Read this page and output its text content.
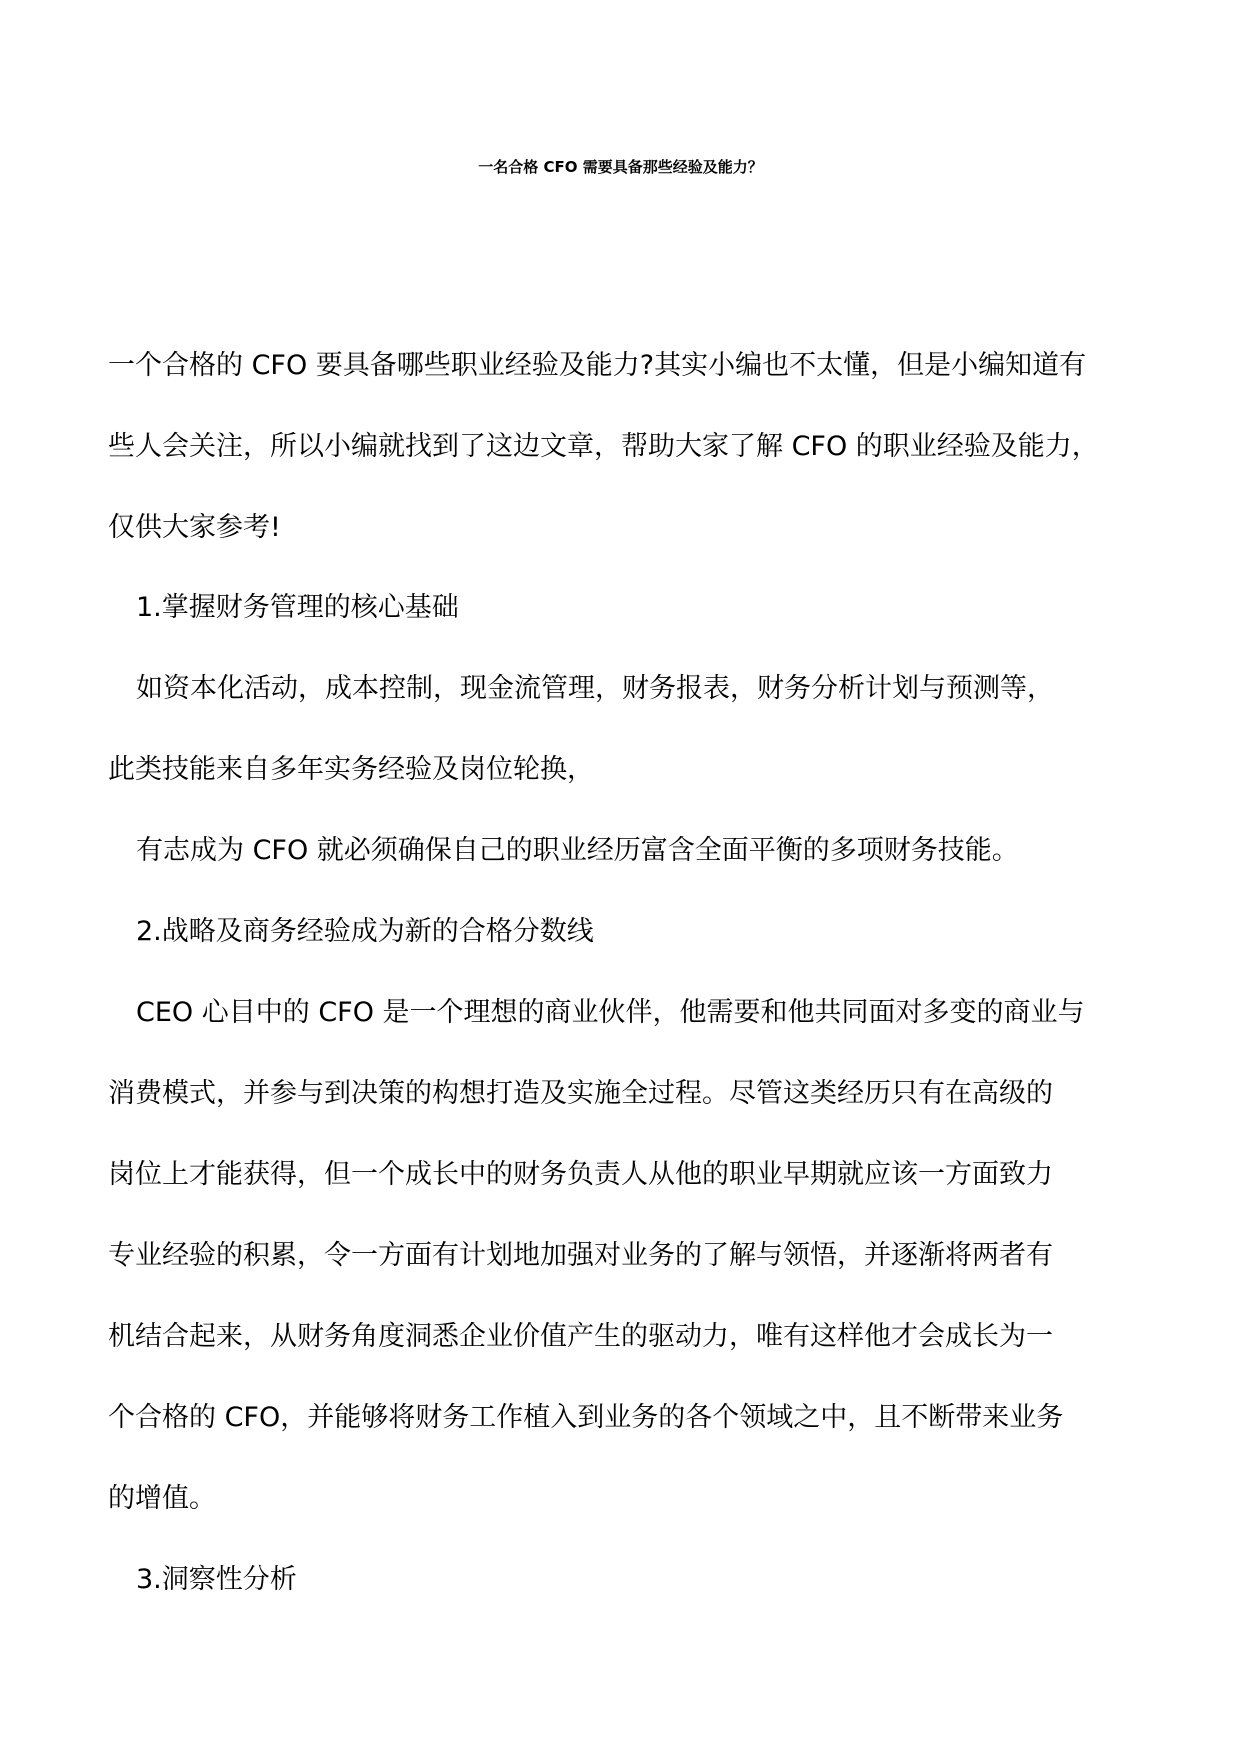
一名合格 CFO 需要具备那些经验及能力？
一个合格的 CFO 要具备哪些职业经验及能力?其实小编也不太懂，但是小编知道有
些人会关注，所以小编就找到了这边文章，帮助大家了解 CFO 的职业经验及能力，
仅供大家参考!
1.掌握财务管理的核心基础
如资本化活动，成本控制，现金流管理，财务报表，财务分析计划与预测等，
此类技能来自多年实务经验及岗位轮换，
有志成为 CFO 就必须确保自己的职业经历富含全面平衡的多项财务技能。
2.战略及商务经验成为新的合格分数线
CEO 心目中的 CFO 是一个理想的商业伙伴，他需要和他共同面对多变的商业与
消费模式，并参与到决策的构想打造及实施全过程。尽管这类经历只有在高级的
岗位上才能获得，但一个成长中的财务负责人从他的职业早期就应该一方面致力
专业经验的积累，令一方面有计划地加强对业务的了解与领悟，并逐渐将两者有
机结合起来，从财务角度洞悉企业价值产生的驱动力，唯有这样他才会成长为一
个合格的 CFO，并能够将财务工作植入到业务的各个领域之中，且不断带来业务
的增值。
3.洞察性分析
